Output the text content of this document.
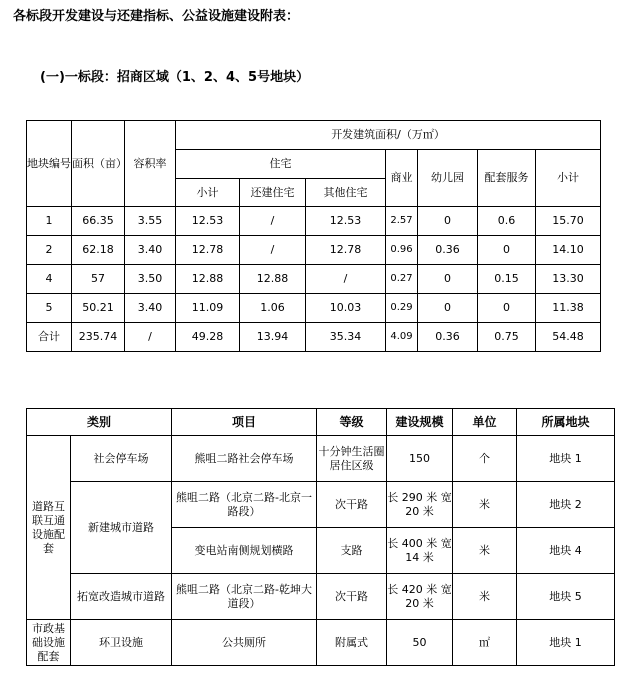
各标段开发建设与还建指标、公益设施建设附表：
(一)一标段：招商区域（1、2、4、5号地块）
地块编号	面积（亩）	容积率	开发建筑面积/（万㎡）						
			住宅			商业	幼儿园	配套服务	小计
			小计	还建住宅	其他住宅				
1	66.35	3.55	12.53	/	12.53	2.57	0	0.6	15.70
2	62.18	3.40	12.78	/	12.78	0.96	0.36	0	14.10
4	57	3.50	12.88	12.88	/	0.27	0	0.15	13.30
5	50.21	3.40	11.09	1.06	10.03	0.29	0	0	11.38
合计	235.74	/	49.28	13.94	35.34	4.09	0.36	0.75	54.48
类别		项目	等级	建设规模	单位	所属地块
道路互联互通设施配套	社会停车场	熊咀二路社会停车场	十分钟生活圈居住区级	150	个	地块 1
	新建城市道路	熊咀二路（北京二路-北京一路段）	次干路	长 290 米 宽 20 米	米	地块 2
		变电站南侧规划横路	支路	长 400 米 宽 14 米	米	地块 4
	拓宽改造城市道路	熊咀二路（北京二路-乾坤大道段）	次干路	长 420 米 宽 20 米	米	地块 5
市政基础设施配套	环卫设施	公共厕所	附属式	50	㎡	地块 1
